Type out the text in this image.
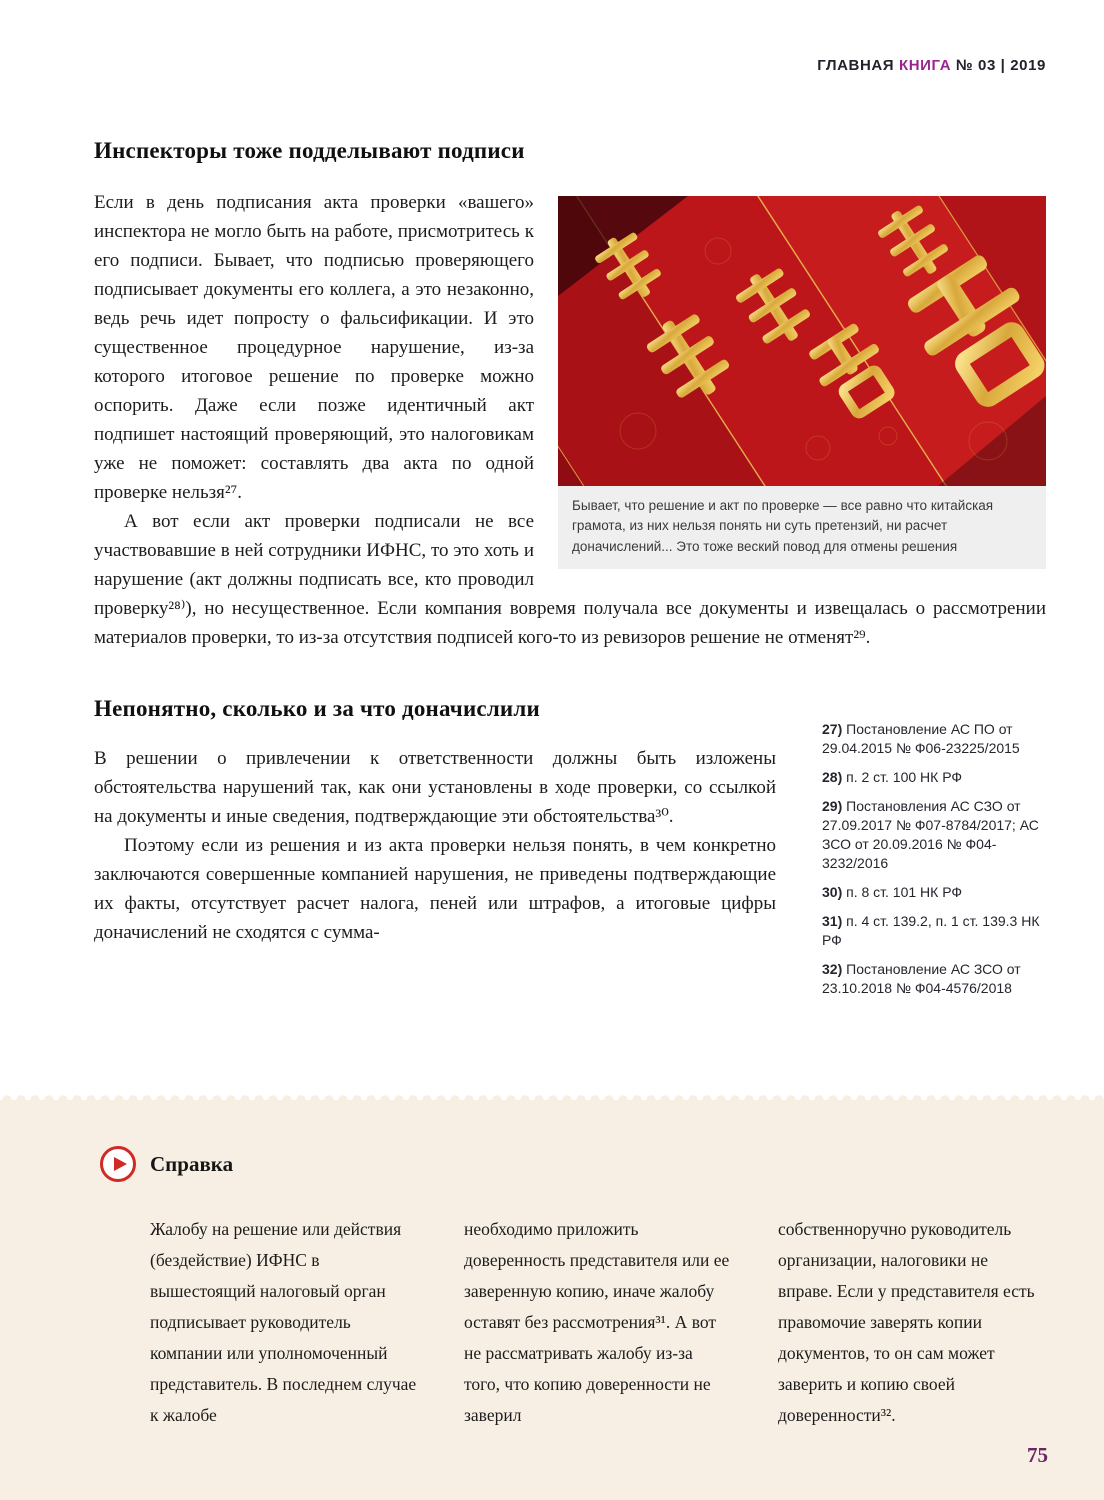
ГЛАВНАЯ КНИГА № 03 | 2019
Инспекторы тоже подделывают подписи
Бывает, что решение и акт по проверке — все равно что китайская грамота, из них нельзя понять ни суть претензий, ни расчет доначислений... Это тоже веский повод для отмены решения

Если в день подписания акта проверки «вашего» инспектора не могло быть на работе, присмотритесь к его подписи. Бывает, что подписью проверяющего подписывает документы его коллега, а это незаконно, ведь речь идет попросту о фальсификации. И это существенное процедурное нарушение, из-за которого итоговое решение по проверке можно оспорить. Даже если позже идентичный акт подпишет настоящий проверяющий, это налоговикам уже не поможет: составлять два акта по одной проверке нельзя²⁷.

А вот если акт проверки подписали не все участвовавшие в ней сотрудники ИФНС, то это хоть и нарушение (акт должны подписать все, кто проводил проверку²⁸⁾), но несущественное. Если компания вовремя получала все документы и извещалась о рассмотрении материалов проверки, то из-за отсутствия подписей кого-то из ревизоров решение не отменят²⁹.

Непонятно, сколько и за что доначислили

В решении о привлечении к ответственности должны быть изложены обстоятельства нарушений так, как они установлены в ходе проверки, со ссылкой на документы и иные сведения, подтверждающие эти обстоятельства³⁰.

Поэтому если из решения и из акта проверки нельзя понять, в чем конкретно заключаются совершенные компанией нарушения, не приведены подтверждающие их факты, отсутствует расчет налога, пеней или штрафов, а итоговые цифры доначислений не сходятся с сумма-

27) Постановление АС ПО от 29.04.2015 № Ф06-23225/2015
28) п. 2 ст. 100 НК РФ
29) Постановления АС СЗО от 27.09.2017 № Ф07-8784/2017; АС ЗСО от 20.09.2016 № Ф04-3232/2016
30) п. 8 ст. 101 НК РФ
31) п. 4 ст. 139.2, п. 1 ст. 139.3 НК РФ
32) Постановление АС ЗСО от 23.10.2018 № Ф04-4576/2018
Справка

Жалобу на решение или действия (бездействие) ИФНС в вышестоящий налоговый орган подписывает руководитель компании или уполномоченный представитель. В последнем случае к жалобе

необходимо приложить доверенность представителя или ее заверенную копию, иначе жалобу оставят без рассмотрения³¹. А вот не рассматривать жалобу из-за того, что копию доверенности не заверил

собственноручно руководитель организации, налоговики не вправе. Если у представителя есть правомочие заверять копии документов, то он сам может заверить и копию своей доверенности³².

75
